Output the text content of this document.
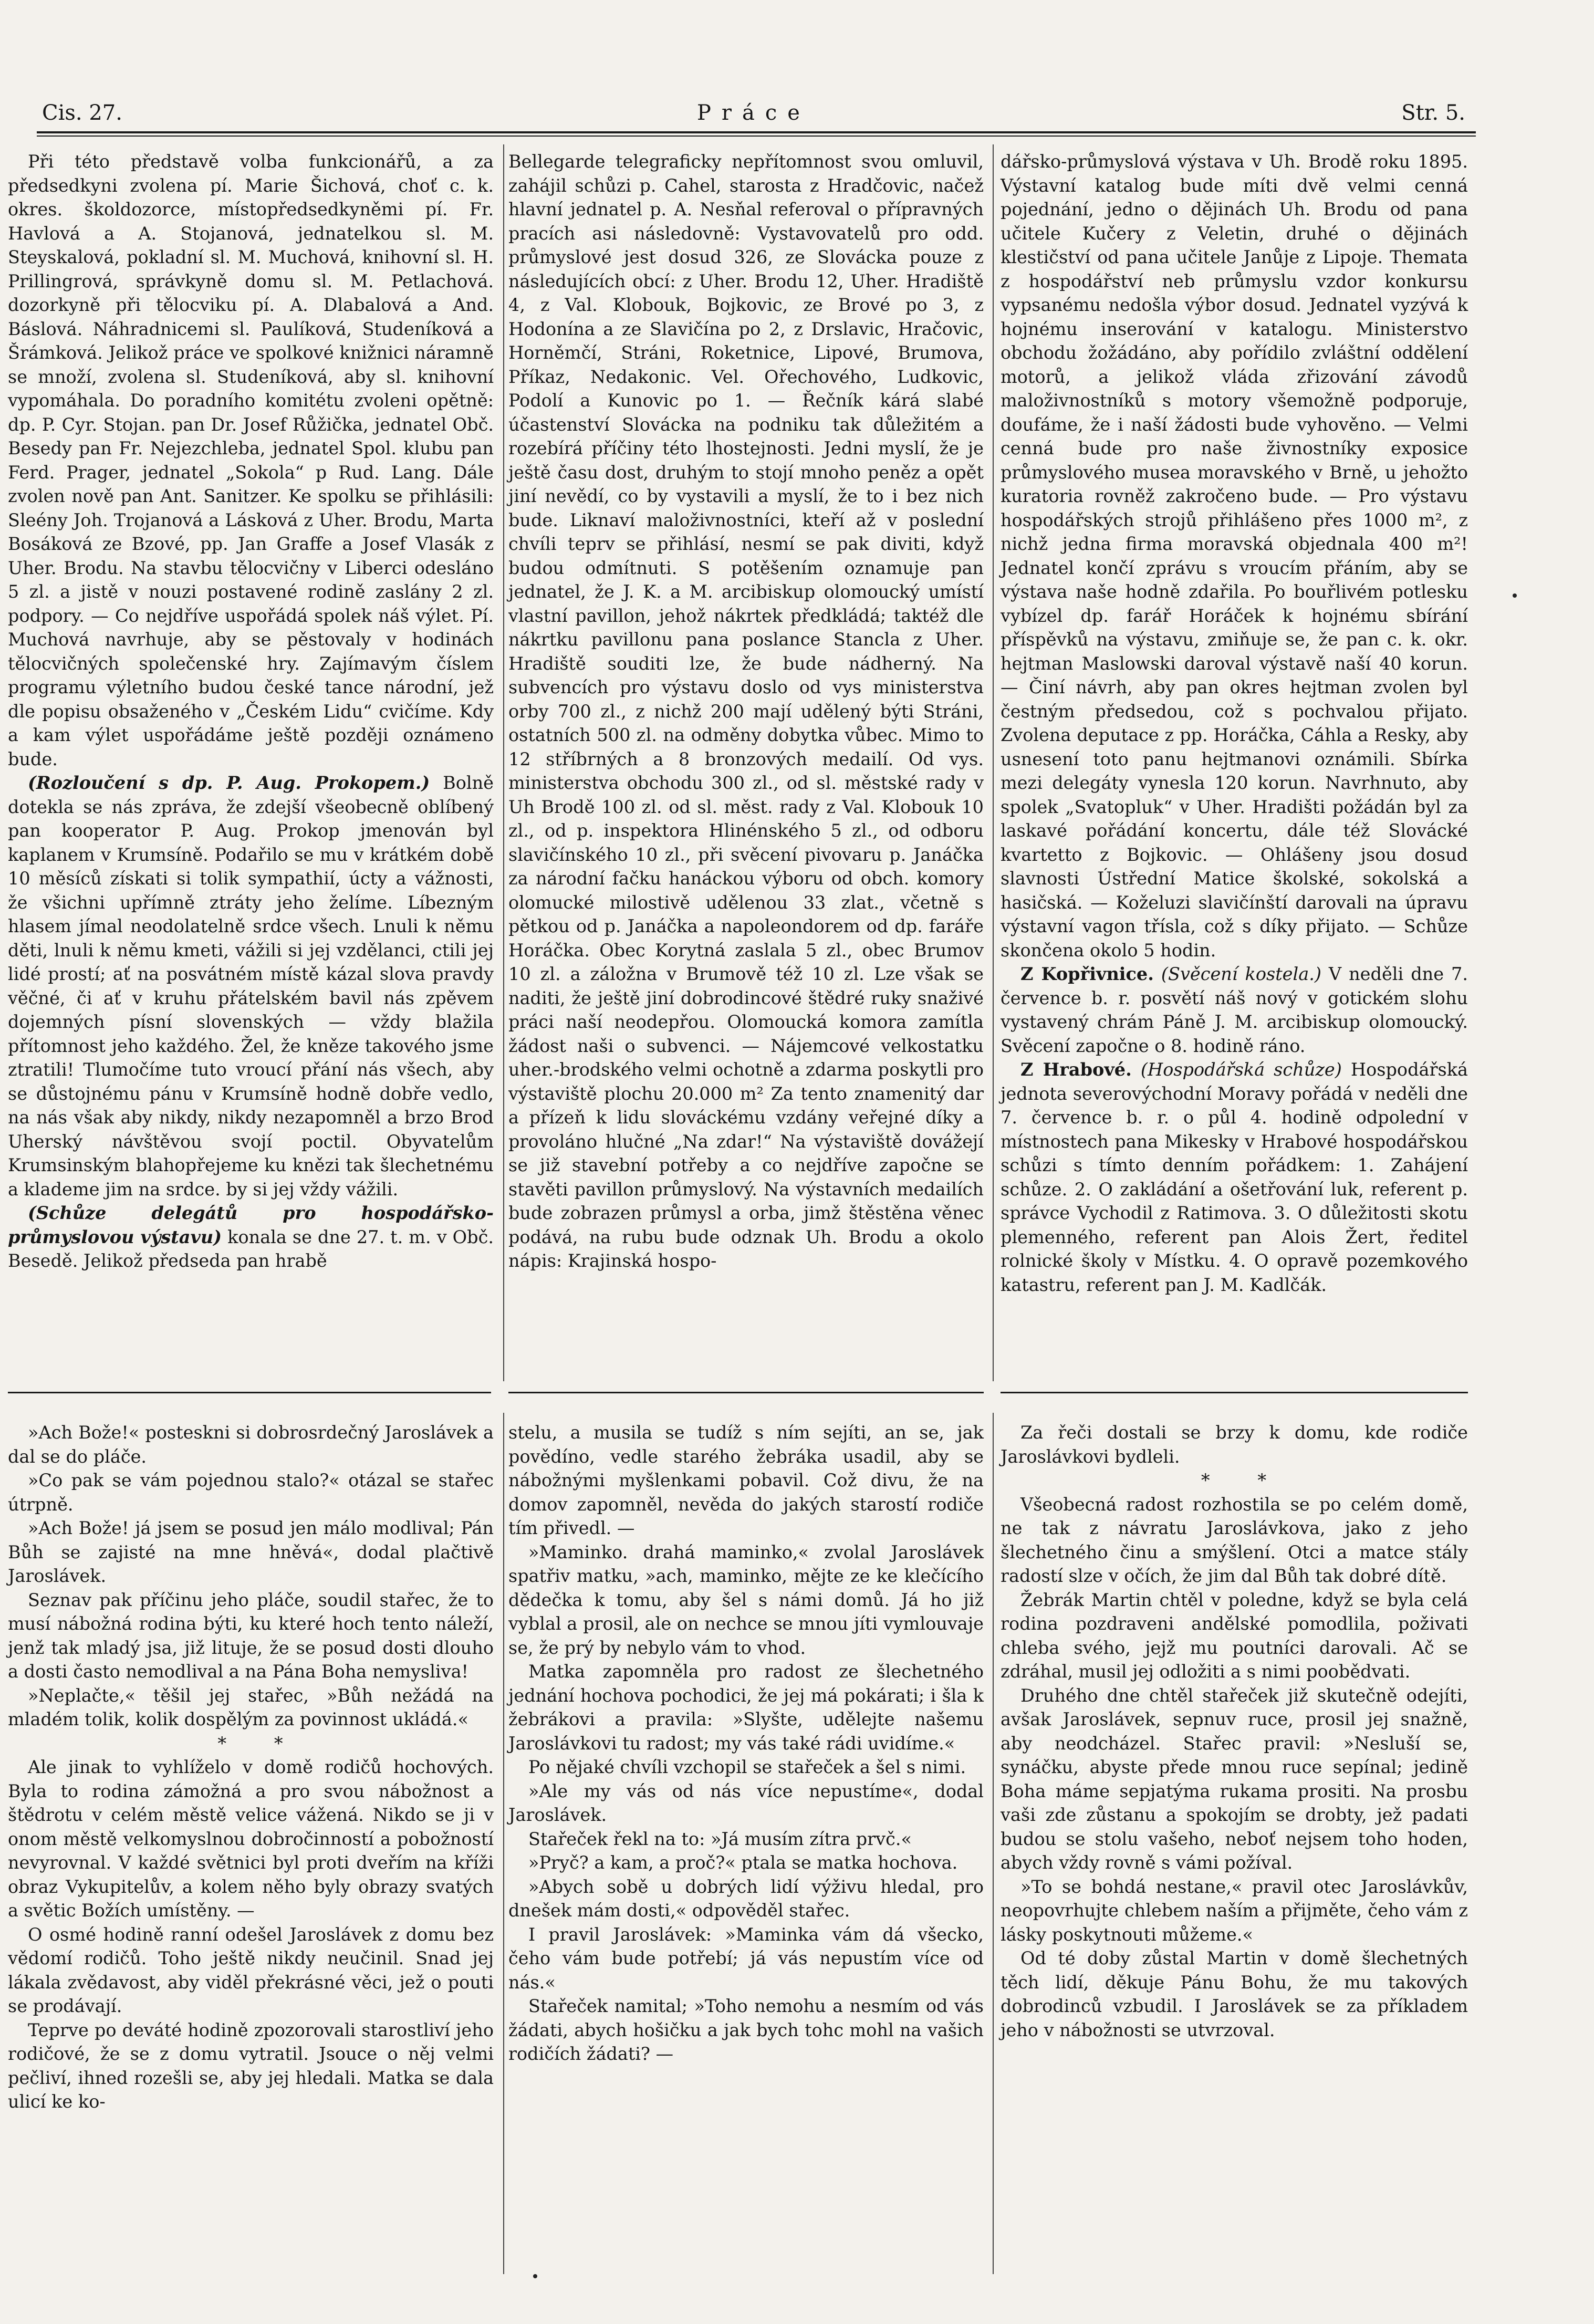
Cis. 27.	Práce	Str. 5.

Při této představě volba funkcionářů, a za předsedkyni zvolena pí. Marie Šichová, choť c. k. okres. školdozorce, místopředsedkyněmi pí. Fr. Havlová a A. Stojanová, jednatelkou sl. M. Steyskalová, pokladní sl. M. Muchová, knihovní sl. H. Prillingrová, správkyně domu sl. M. Petlachová. dozorkyně při tělocviku pí. A. Dlabalová a And. Báslová. Náhradnicemi sl. Paulíková, Studeníková a Šrámková. Jelikož práce ve spolkové knižnici náramně se množí, zvolena sl. Studeníková, aby sl. knihovní vypomáhala. Do poradního komitétu zvoleni opětně: dp. P. Cyr. Stojan. pan Dr. Josef Růžička, jednatel Obč. Besedy pan Fr. Nejezchleba, jednatel Spol. klubu pan Ferd. Prager, jednatel „Sokola“ p Rud. Lang. Dále zvolen nově pan Ant. Sanitzer. Ke spolku se přihlásili: Sleény Joh. Trojanová a Lásková z Uher. Brodu, Marta Bosáková ze Bzové, pp. Jan Graffe a Josef Vlasák z Uher. Brodu. Na stavbu tělocvičny v Liberci odesláno 5 zl. a jistě v nouzi postavené rodině zaslány 2 zl. podpory. — Co nejdříve uspořádá spolek náš výlet. Pí. Muchová navrhuje, aby se pěstovaly v hodinách tělocvičných společenské hry. Zajímavým číslem programu výletního budou české tance národní, jež dle popisu obsaženého v „Českém Lidu“ cvičíme. Kdy a kam výlet uspořádáme ještě později oznámeno bude.

(Rozloučení s dp. P. Aug. Prokopem.) Bolně dotekla se nás zpráva, že zdejší všeobecně oblíbený pan kooperator P. Aug. Prokop jmenován byl kaplanem v Krumsíně. Podařilo se mu v krátkém době 10 měsíců získati si tolik sympathií, úcty a vážnosti, že všichni upřímně ztráty jeho želíme. Líbezným hlasem jímal neodolatelně srdce všech. Lnuli k němu děti, lnuli k němu kmeti, vážili si jej vzdělanci, ctili jej lidé prostí; ať na posvátném místě kázal slova pravdy věčné, či ať v kruhu přátelském bavil nás zpěvem dojemných písní slovenských — vždy blažila přítomnost jeho každého. Žel, že kněze takového jsme ztratili! Tlumočíme tuto vroucí přání nás všech, aby se důstojnému pánu v Krumsíně hodně dobře vedlo, na nás však aby nikdy, nikdy nezapomněl a brzo Brod Uherský návštěvou svojí poctil. Obyvatelům Krumsinským blahopřejeme ku knězi tak šlechetnému a klademe jim na srdce. by si jej vždy vážili.

(Schůze delegátů pro hospodářsko-průmyslovou výstavu) konala se dne 27. t. m. v Obč. Besedě. Jelikož předseda pan hrabě

Bellegarde telegraficky nepřítomnost svou omluvil, zahájil schůzi p. Cahel, starosta z Hradčovic, načež hlavní jednatel p. A. Nesňal referoval o přípravných pracích asi následovně: Vystavovatelů pro odd. průmyslové jest dosud 326, ze Slovácka pouze z následujících obcí: z Uher. Brodu 12, Uher. Hradiště 4, z Val. Klobouk, Bojkovic, ze Brové po 3, z Hodonína a ze Slavičína po 2, z Drslavic, Hračovic, Horněmčí, Stráni, Roketnice, Lipové, Brumova, Příkaz, Nedakonic. Vel. Ořechového, Ludkovic, Podolí a Kunovic po 1. — Řečník kárá slabé účastenství Slovácka na podniku tak důležitém a rozebírá příčiny této lhostejnosti. Jedni myslí, že je ještě času dost, druhým to stojí mnoho peněz a opět jiní nevědí, co by vystavili a myslí, že to i bez nich bude. Liknaví maloživnostníci, kteří až v poslední chvíli teprv se přihlásí, nesmí se pak diviti, když budou odmítnuti. S potěšením oznamuje pan jednatel, že J. K. a M. arcibiskup olomoucký umístí vlastní pavillon, jehož nákrtek předkládá; taktéž dle nákrtku pavillonu pana poslance Stancla z Uher. Hradiště souditi lze, že bude nádherný. Na subvencích pro výstavu doslo od vys ministerstva orby 700 zl., z nichž 200 mají udělený býti Stráni, ostatních 500 zl. na odměny dobytka vůbec. Mimo to 12 stříbrných a 8 bronzových medailí. Od vys. ministerstva obchodu 300 zl., od sl. městské rady v Uh Brodě 100 zl. od sl. měst. rady z Val. Klobouk 10 zl., od p. inspektora Hlinénského 5 zl., od odboru slavičínského 10 zl., při svěcení pivovaru p. Janáčka za národní fačku hanáckou výboru od obch. komory olomucké milostivě udělenou 33 zlat., včetně s pětkou od p. Janáčka a napoleondorem od dp. faráře Horáčka. Obec Korytná zaslala 5 zl., obec Brumov 10 zl. a záložna v Brumově též 10 zl. Lze však se naditi, že ještě jiní dobrodincové štědré ruky snaživé práci naší neodepřou. Olomoucká komora zamítla žádost naši o subvenci. — Nájemcové velkostatku uher.-brodského velmi ochotně a zdarma poskytli pro výstaviště plochu 20.000 m² Za tento znamenitý dar a přízeň k lidu slováckému vzdány veřejné díky a provoláno hlučné „Na zdar!“ Na výstaviště dovážejí se již stavební potřeby a co nejdříve započne se stavěti pavillon průmyslový. Na výstavních medailích bude zobrazen průmysl a orba, jimž štěstěna věnec podává, na rubu bude odznak Uh. Brodu a okolo nápis: Krajinská hospo-

dářsko-průmyslová výstava v Uh. Brodě roku 1895. Výstavní katalog bude míti dvě velmi cenná pojednání, jedno o dějinách Uh. Brodu od pana učitele Kučery z Veletin, druhé o dějinách klestičství od pana učitele Janůje z Lipoje. Themata z hospodářství neb průmyslu vzdor konkursu vypsanému nedošla výbor dosud. Jednatel vyzývá k hojnému inserování v katalogu. Ministerstvo obchodu žožádáno, aby pořídilo zvláštní oddělení motorů, a jelikož vláda zřizování závodů maloživnostníků s motory všemožně podporuje, doufáme, že i naší žádosti bude vyhověno. — Velmi cenná bude pro naše živnostníky exposice průmyslového musea moravského v Brně, u jehožto kuratoria rovněž zakročeno bude. — Pro výstavu hospodářských strojů přihlášeno přes 1000 m², z nichž jedna firma moravská objednala 400 m²! Jednatel končí zprávu s vroucím přáním, aby se výstava naše hodně zdařila. Po bouřlivém potlesku vybízel dp. farář Horáček k hojnému sbírání příspěvků na výstavu, zmiňuje se, že pan c. k. okr. hejtman Maslowski daroval výstavě naší 40 korun. — Činí návrh, aby pan okres hejtman zvolen byl čestným předsedou, což s pochvalou přijato. Zvolena deputace z pp. Horáčka, Cáhla a Resky, aby usnesení toto panu hejtmanovi oznámili. Sbírka mezi delegáty vynesla 120 korun. Navrhnuto, aby spolek „Svatopluk“ v Uher. Hradišti požádán byl za laskavé pořádání koncertu, dále též Slovácké kvartetto z Bojkovic. — Ohlášeny jsou dosud slavnosti Ústřední Matice školské, sokolská a hasičská. — Koželuzi slavičínští darovali na úpravu výstavní vagon třísla, což s díky přijato. — Schůze skončena okolo 5 hodin.

Z Kopřivnice. (Svěcení kostela.) V neděli dne 7. července b. r. posvětí náš nový v gotickém slohu vystavený chrám Páně J. M. arcibiskup olomoucký. Svěcení započne o 8. hodině ráno.

Z Hrabové. (Hospodářská schůze) Hospodářská jednota severovýchodní Moravy pořádá v neděli dne 7. července b. r. o půl 4. hodině odpolední v místnostech pana Mikesky v Hrabové hospodářskou schůzi s tímto denním pořádkem: 1. Zahájení schůze. 2. O zakládání a ošetřování luk, referent p. správce Vychodil z Ratimova. 3. O důležitosti skotu plemenného, referent pan Alois Žert, ředitel rolnické školy v Místku. 4. O opravě pozemkového katastru, referent pan J. M. Kadlčák.

»Ach Bože!« posteskni si dobrosrdečný Jaroslávek a dal se do pláče.

»Co pak se vám pojednou stalo?« otázal se stařec útrpně.

»Ach Bože! já jsem se posud jen málo modlival; Pán Bůh se zajisté na mne hněvá«, dodal plačtivě Jaroslávek.

Seznav pak příčinu jeho pláče, soudil stařec, že to musí nábožná rodina býti, ku které hoch tento náleží, jenž tak mladý jsa, již lituje, že se posud dosti dlouho a dosti často nemodlival a na Pána Boha nemysliva!

»Neplačte,« těšil jej stařec, »Bůh nežádá na mladém tolik, kolik dospělým za povinnost ukládá.«

* *

Ale jinak to vyhlíželo v domě rodičů hochových. Byla to rodina zámožná a pro svou nábožnost a štědrotu v celém městě velice vážená. Nikdo se ji v onom městě velkomyslnou dobročinností a pobožností nevyrovnal. V každé světnici byl proti dveřím na kříži obraz Vykupitelův, a kolem něho byly obrazy svatých a světic Božích umístěny. —

O osmé hodině ranní odešel Jaroslávek z domu bez vědomí rodičů. Toho ještě nikdy neučinil. Snad jej lákala zvědavost, aby viděl překrásné věci, jež o pouti se prodávají.

Teprve po deváté hodině zpozorovali starostliví jeho rodičové, že se z domu vytratil. Jsouce o něj velmi pečliví, ihned rozešli se, aby jej hledali. Matka se dala ulicí ke ko-

stelu, a musila se tudíž s ním sejíti, an se, jak povědíno, vedle starého žebráka usadil, aby se nábožnými myšlenkami pobavil. Což divu, že na domov zapomněl, nevěda do jakých starostí rodiče tím přivedl. —

»Maminko. drahá maminko,« zvolal Jaroslávek spatřiv matku, »ach, maminko, mějte ze ke klečícího dědečka k tomu, aby šel s námi domů. Já ho již vyblal a prosil, ale on nechce se mnou jíti vymlouvaje se, že prý by nebylo vám to vhod.

Matka zapomněla pro radost ze šlechetného jednání hochova pochodici, že jej má pokárati; i šla k žebrákovi a pravila: »Slyšte, udělejte našemu Jaroslávkovi tu radost; my vás také rádi uvidíme.«

Po nějaké chvíli vzchopil se stařeček a šel s nimi.

»Ale my vás od nás více nepustíme«, dodal Jaroslávek.

Stařeček řekl na to: »Já musím zítra prvč.«

»Pryč? a kam, a proč?« ptala se matka hochova.

»Abych sobě u dobrých lidí výživu hledal, pro dnešek mám dosti,« odpověděl stařec.

I pravil Jaroslávek: »Maminka vám dá všecko, čeho vám bude potřebí; já vás nepustím více od nás.«

Stařeček namital; »Toho nemohu a nesmím od vás žádati, abych hošičku a jak bych tohc mohl na vašich rodičích žádati? —

Za řeči dostali se brzy k domu, kde rodiče Jaroslávkovi bydleli.

* *

Všeobecná radost rozhostila se po celém domě, ne tak z návratu Jaroslávkova, jako z jeho šlechetného činu a smýšlení. Otci a matce stály radostí slze v očích, že jim dal Bůh tak dobré dítě.

Žebrák Martin chtěl v poledne, když se byla celá rodina pozdraveni andělské pomodlila, poživati chleba svého, jejž mu poutníci darovali. Ač se zdráhal, musil jej odložiti a s nimi poobědvati.

Druhého dne chtěl stařeček již skutečně odejíti, avšak Jaroslávek, sepnuv ruce, prosil jej snažně, aby neodcházel. Stařec pravil: »Nesluší se, synáčku, abyste přede mnou ruce sepínal; jedině Boha máme sepjatýma rukama prositi. Na prosbu vaši zde zůstanu a spokojím se drobty, jež padati budou se stolu vašeho, neboť nejsem toho hoden, abych vždy rovně s vámi požíval.

»To se bohdá nestane,« pravil otec Jaroslávkův, neopovrhujte chlebem naším a přijměte, čeho vám z lásky poskytnouti můžeme.«

Od té doby zůstal Martin v domě šlechetných těch lidí, děkuje Pánu Bohu, že mu takových dobrodinců vzbudil. I Jaroslávek se za příkladem jeho v nábožnosti se utvrzoval.
